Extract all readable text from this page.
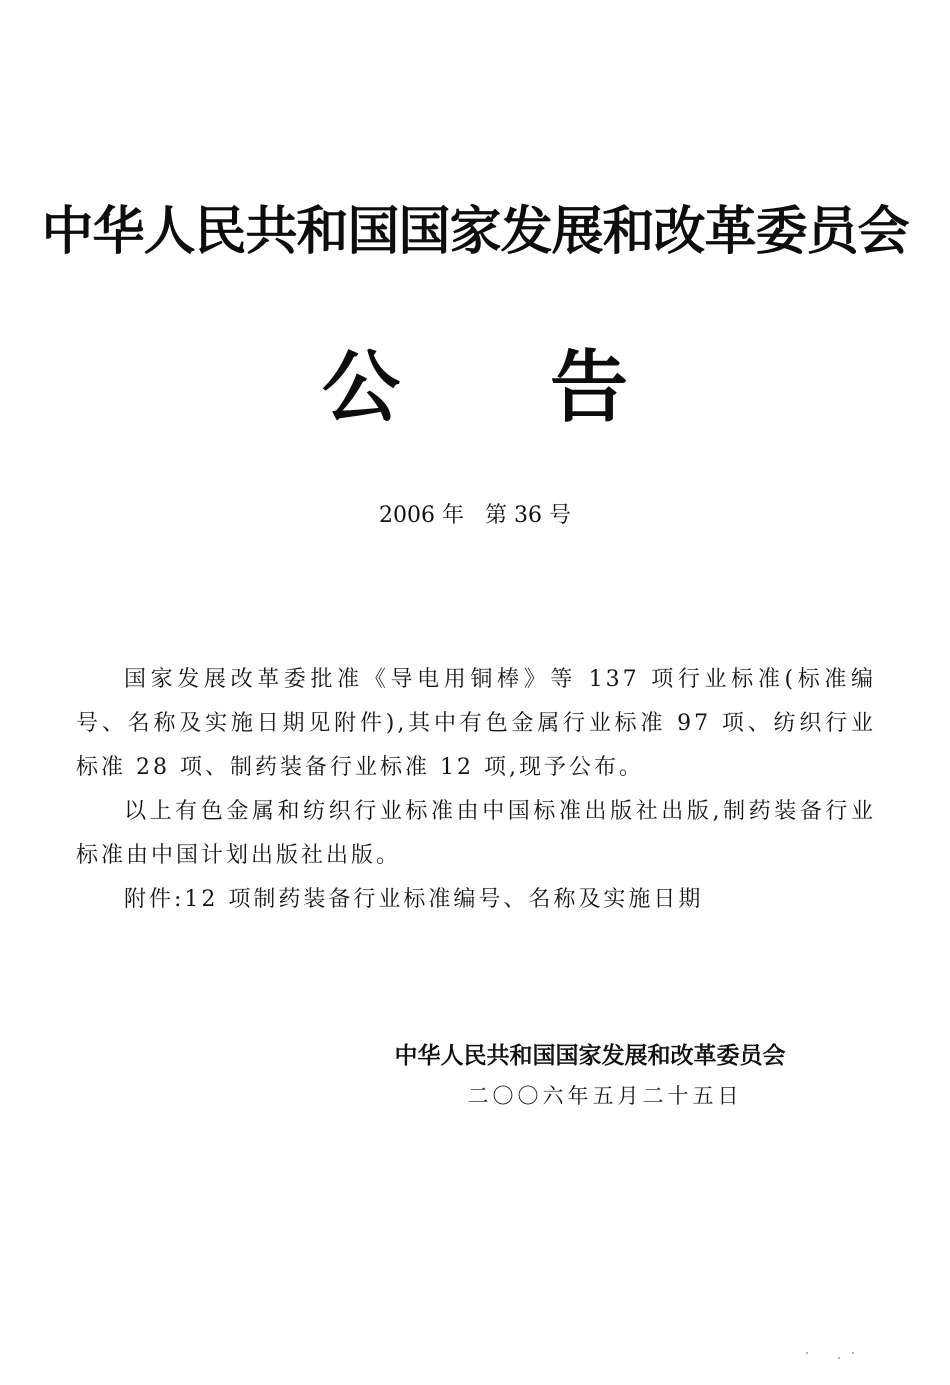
中华人民共和国国家发展和改革委员会
公告
2006 年   第 36 号

国家发展改革委批准《导电用铜棒》等 137 项行业标准(标准编号、名称及实施日期见附件),其中有色金属行业标准 97 项、纺织行业标准 28 项、制药装备行业标准 12 项,现予公布。

以上有色金属和纺织行业标准由中国标准出版社出版,制药装备行业标准由中国计划出版社出版。

附件:12 项制药装备行业标准编号、名称及实施日期

中华人民共和国国家发展和改革委员会
二〇〇六年五月二十五日
